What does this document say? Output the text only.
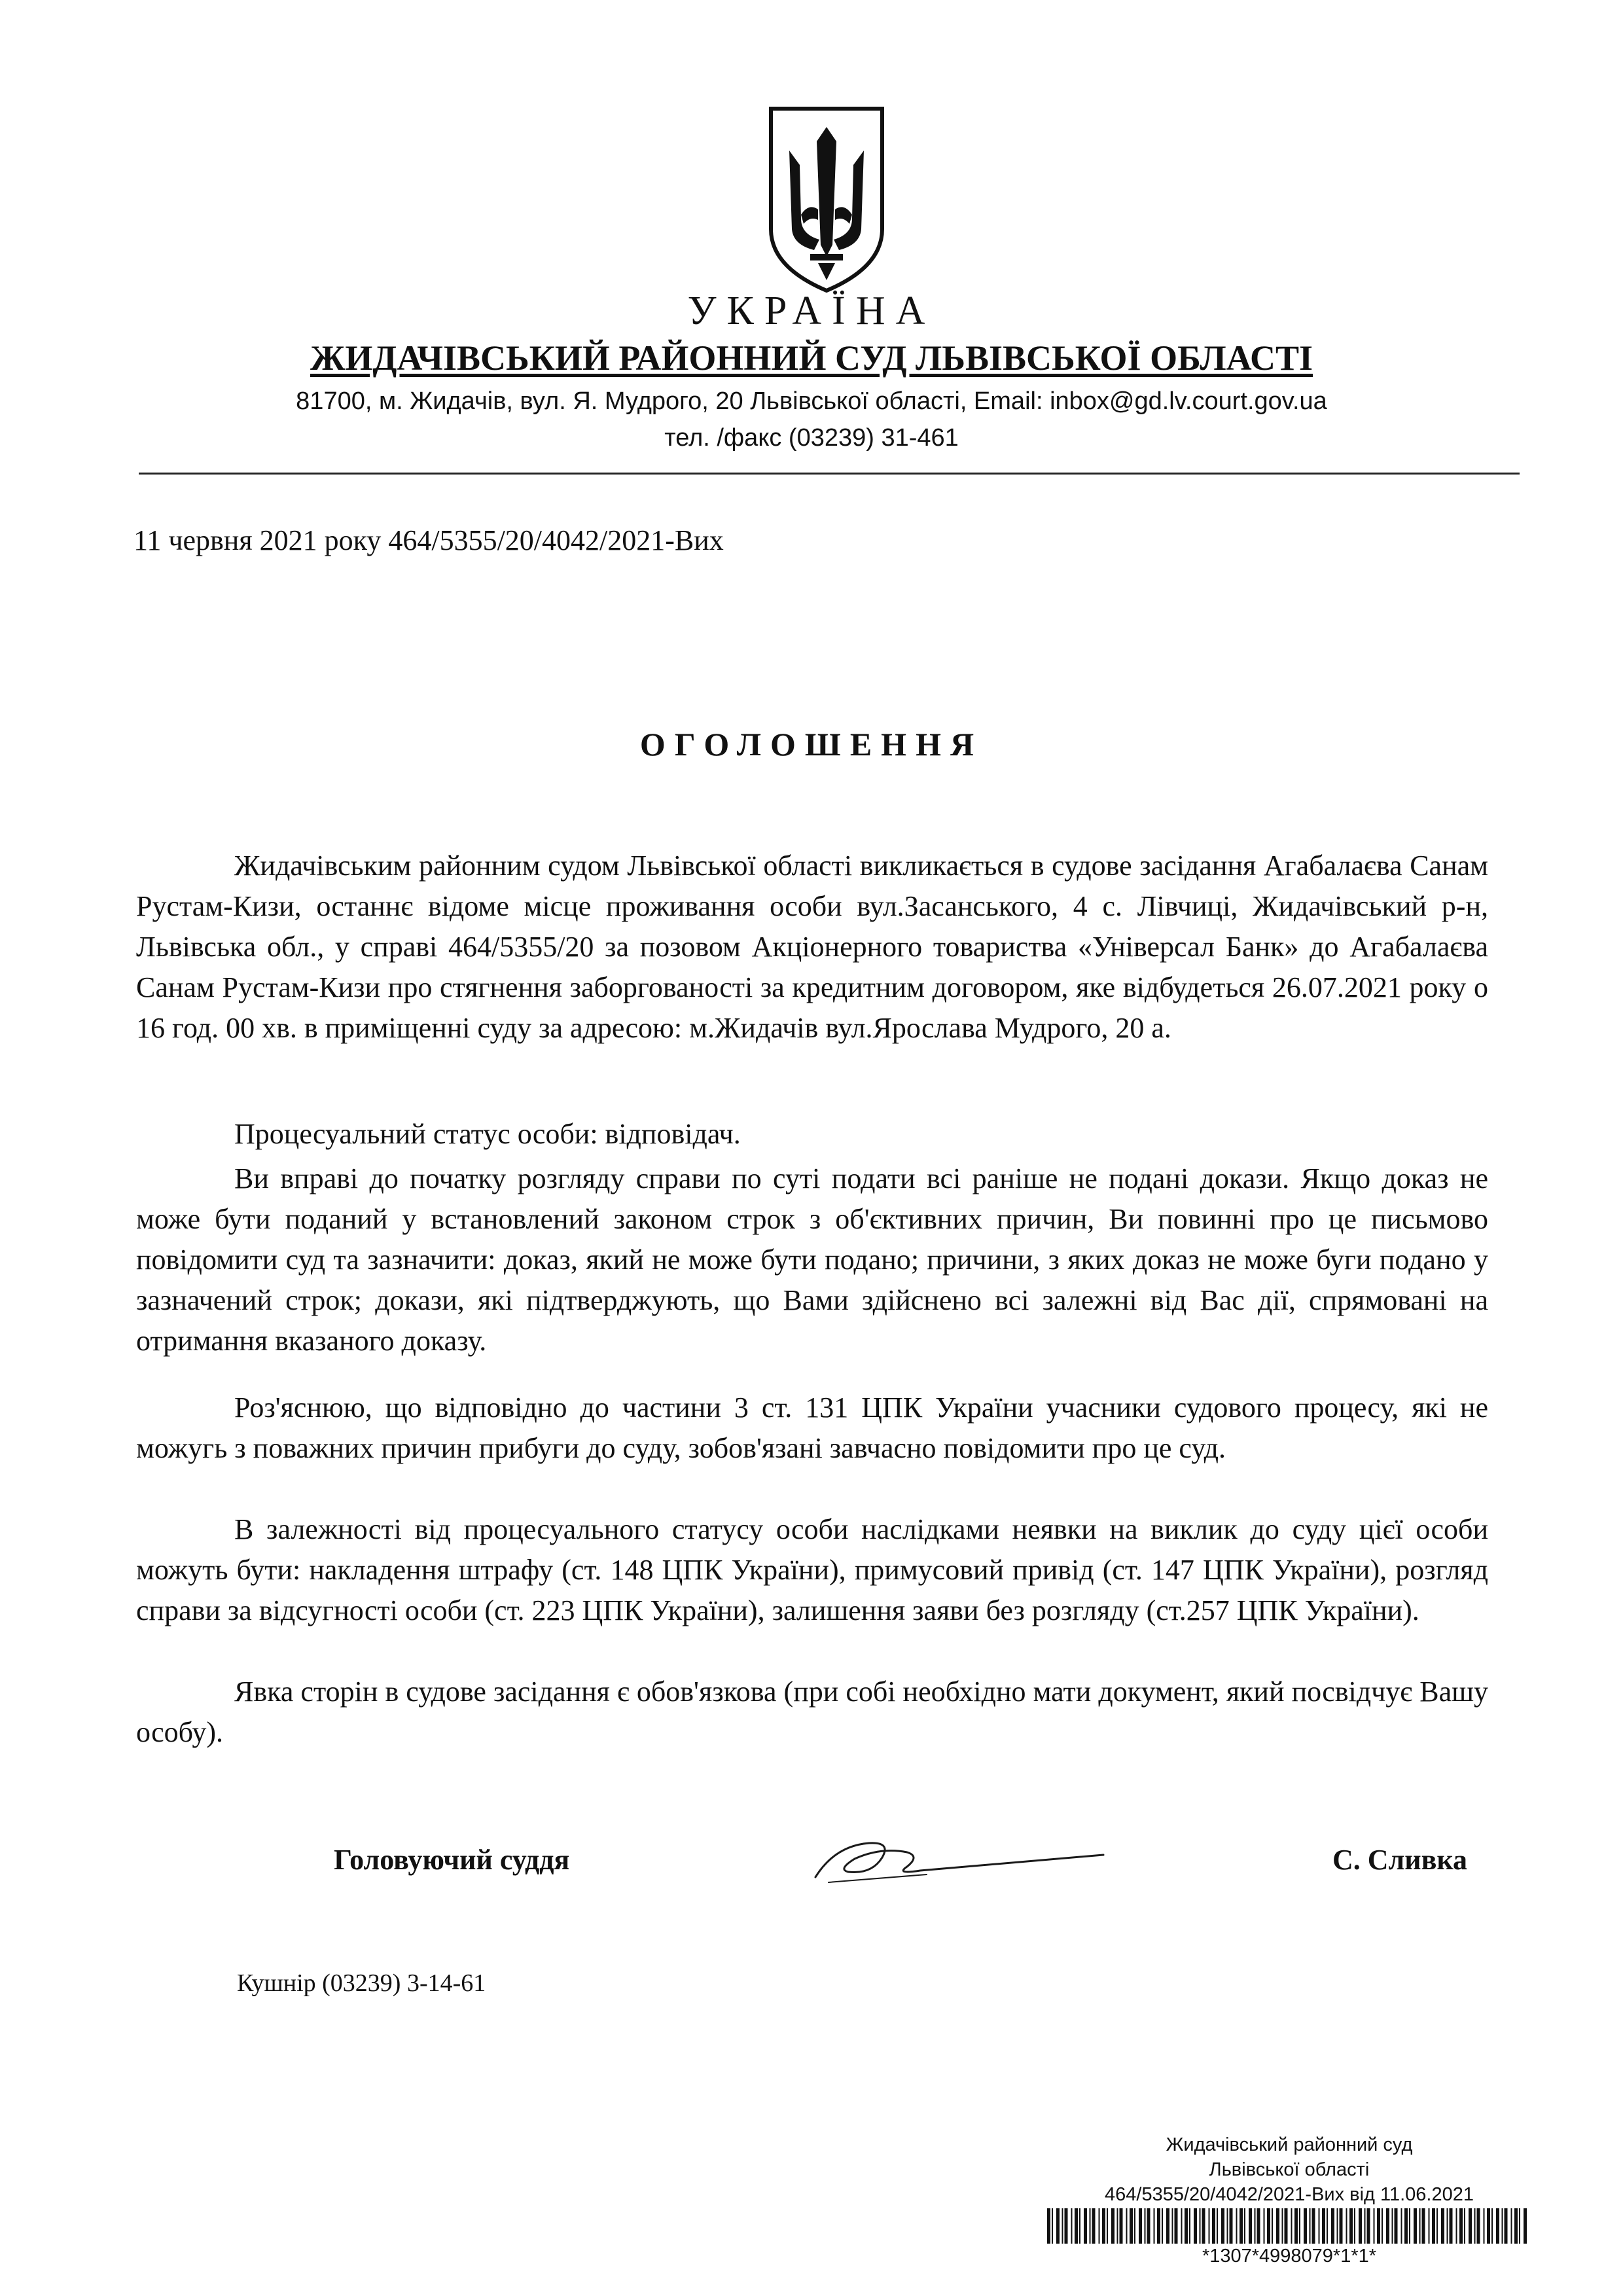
УКРАЇНА
ЖИДАЧІВСЬКИЙ РАЙОННИЙ СУД ЛЬВІВСЬКОЇ ОБЛАСТІ
81700, м. Жидачів, вул. Я. Мудрого, 20 Львівської області, Email: inbox@gd.lv.court.gov.ua
тел. /факс (03239) 31-461
11 червня 2021 року 464/5355/20/4042/2021-Вих
ОГОЛОШЕННЯ

Жидачівським районним судом Львівської області викликається в судове засідання Агабалаєва Санам Рустам-Кизи, останнє відоме місце проживання особи вул.Засанського, 4 с. Лівчиці, Жидачівський р-н, Львівська обл., у справі 464/5355/20 за позовом Акціонерного товариства «Універсал Банк» до Агабалаєва Санам Рустам-Кизи про стягнення заборгованості за кредитним договором, яке відбудеться 26.07.2021 року о 16 год. 00 хв. в приміщенні суду за адресою: м.Жидачів вул.Ярослава Мудрого, 20 а.

Процесуальний статус особи: відповідач.

Ви вправі до початку розгляду справи по суті подати всі раніше не подані докази. Якщо доказ не може бути поданий у встановлений законом строк з об'єктивних причин, Ви повинні про це письмово повідомити суд та зазначити: доказ, який не може бути подано; причини, з яких доказ не може буги подано у зазначений строк; докази, які підтверджують, що Вами здійснено всі залежні від Вас дії, спрямовані на отримання вказаного доказу.

Роз'яснюю, що відповідно до частини 3 ст. 131 ЦПК України учасники судового процесу, які не можугь з поважних причин прибуги до суду, зобов'язані завчасно повідомити про це суд.

В залежності від процесуального статусу особи наслідками неявки на виклик до суду цієї особи можуть бути: накладення штрафу (ст. 148 ЦПК України), примусовий привід (ст. 147 ЦПК України), розгляд справи за відсугності особи (ст. 223 ЦПК України), залишення заяви без розгляду (ст.257 ЦПК України).

Явка сторін в судове засідання є обов'язкова (при собі необхідно мати документ, який посвідчує Вашу особу).

Головуючий суддя	С. Сливка
Кушнір (03239) 3-14-61
Жидачівський районний суд
Львівської області
464/5355/20/4042/2021-Вих від 11.06.2021
*1307*4998079*1*1*
